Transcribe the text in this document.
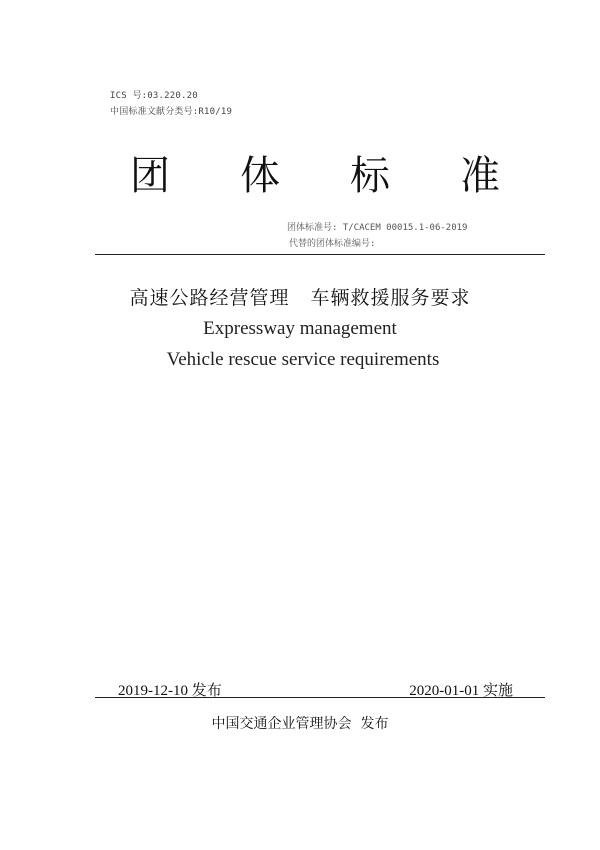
ICS 号:03.220.20
中国标准文献分类号:R10/19
团 体 标 准
团体标准号: T/CACEM 00015.1-06-2019
代替的团体标准编号:
高速公路经营管理   车辆救援服务要求
Expressway management
Vehicle rescue service requirements
2019-12-10 发布	2020-01-01 实施
中国交通企业管理协会  发布
